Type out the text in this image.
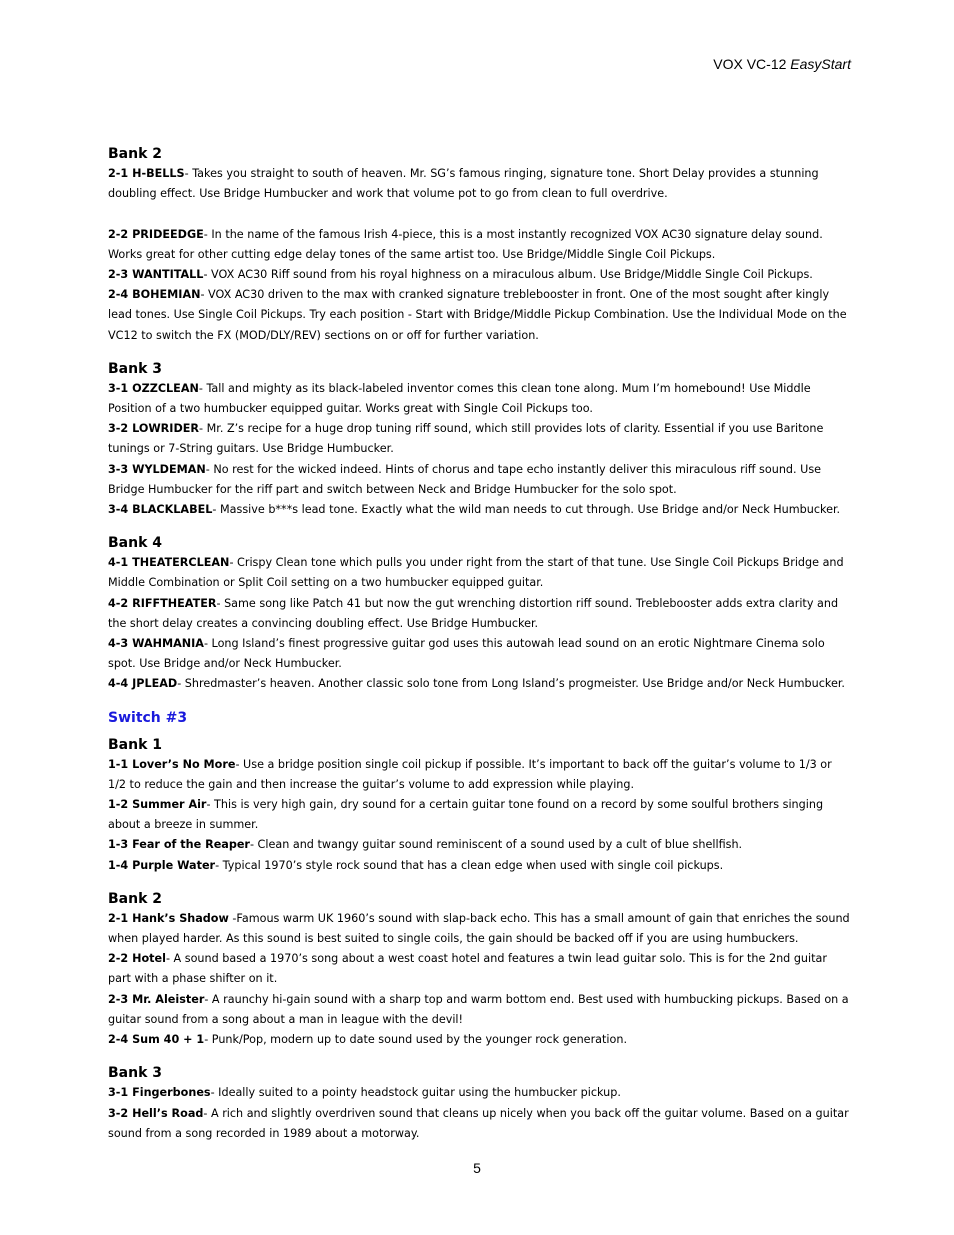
VOX VC-12 EasyStart

Bank 2

2-1 H-BELLS- Takes you straight to south of heaven. Mr. SG’s famous ringing, signature tone. Short Delay provides a stunning doubling effect. Use Bridge Humbucker and work that volume pot to go from clean to full overdrive.

2-2 PRIDEEDGE- In the name of the famous Irish 4-piece, this is a most instantly recognized VOX AC30 signature delay sound. Works great for other cutting edge delay tones of the same artist too. Use Bridge/Middle Single Coil Pickups.

2-3 WANTITALL- VOX AC30 Riff sound from his royal highness on a miraculous album. Use Bridge/Middle Single Coil Pickups.

2-4 BOHEMIAN- VOX AC30 driven to the max with cranked signature treblebooster in front. One of the most sought after kingly lead tones. Use Single Coil Pickups. Try each position - Start with Bridge/Middle Pickup Combination. Use the Individual Mode on the VC12 to switch the FX (MOD/DLY/REV) sections on or off for further variation.

Bank 3

3-1 OZZCLEAN- Tall and mighty as its black-labeled inventor comes this clean tone along. Mum I’m homebound! Use Middle Position of a two humbucker equipped guitar. Works great with Single Coil Pickups too.

3-2 LOWRIDER- Mr. Z’s recipe for a huge drop tuning riff sound, which still provides lots of clarity. Essential if you use Baritone tunings or 7-String guitars. Use Bridge Humbucker.

3-3 WYLDEMAN- No rest for the wicked indeed. Hints of chorus and tape echo instantly deliver this miraculous riff sound. Use Bridge Humbucker for the riff part and switch between Neck and Bridge Humbucker for the solo spot.

3-4 BLACKLABEL- Massive b***s lead tone. Exactly what the wild man needs to cut through. Use Bridge and/or Neck Humbucker.

Bank 4

4-1 THEATERCLEAN- Crispy Clean tone which pulls you under right from the start of that tune. Use Single Coil Pickups Bridge and Middle Combination or Split Coil setting on a two humbucker equipped guitar.

4-2 RIFFTHEATER- Same song like Patch 41 but now the gut wrenching distortion riff sound. Treblebooster adds extra clarity and the short delay creates a convincing doubling effect. Use Bridge Humbucker.

4-3 WAHMANIA- Long Island’s finest progressive guitar god uses this autowah lead sound on an erotic Nightmare Cinema solo spot. Use Bridge and/or Neck Humbucker.

4-4 JPLEAD- Shredmaster’s heaven. Another classic solo tone from Long Island’s progmeister. Use Bridge and/or Neck Humbucker.

Switch #3

Bank 1

1-1 Lover’s No More- Use a bridge position single coil pickup if possible. It’s important to back off the guitar’s volume to 1/3 or 1/2 to reduce the gain and then increase the guitar’s volume to add expression while playing.

1-2 Summer Air- This is very high gain, dry sound for a certain guitar tone found on a record by some soulful brothers singing about a breeze in summer.

1-3 Fear of the Reaper- Clean and twangy guitar sound reminiscent of a sound used by a cult of blue shellfish.

1-4 Purple Water- Typical 1970’s style rock sound that has a clean edge when used with single coil pickups.

Bank 2

2-1 Hank’s Shadow -Famous warm UK 1960’s sound with slap-back echo. This has a small amount of gain that enriches the sound when played harder. As this sound is best suited to single coils, the gain should be backed off if you are using humbuckers.

2-2 Hotel- A sound based a 1970’s song about a west coast hotel and features a twin lead guitar solo. This is for the 2nd guitar part with a phase shifter on it.

2-3 Mr. Aleister- A raunchy hi-gain sound with a sharp top and warm bottom end. Best used with humbucking pickups. Based on a guitar sound from a song about a man in league with the devil!

2-4 Sum 40 + 1- Punk/Pop, modern up to date sound used by the younger rock generation.

Bank 3

3-1 Fingerbones- Ideally suited to a pointy headstock guitar using the humbucker pickup.

3-2 Hell’s Road- A rich and slightly overdriven sound that cleans up nicely when you back off the guitar volume. Based on a guitar sound from a song recorded in 1989 about a motorway.

5
